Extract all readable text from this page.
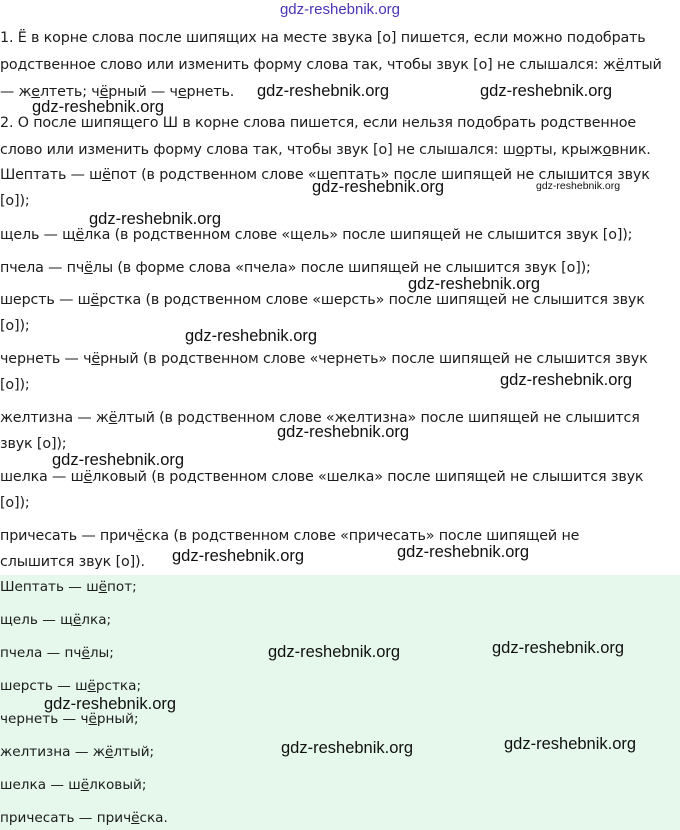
gdz-reshebnik.org
1. Ё в корне слова после шипящих на месте звука [о] пишется, если можно подобрать
родственное слово или изменить форму слова так, чтобы звук [о] не слышался: жёлтый
— желтеть; чёрный — чернеть.
2. О после шипящего Ш в корне слова пишется, если нельзя подобрать родственное
слово или изменить форму слова так, чтобы звук [о] не слышался: шорты, крыжовник.
Шептать — шёпот (в родственном слове «шептать» после шипящей не слышится звук
[о]);
щель — щёлка (в родственном слове «щель» после шипящей не слышится звук [о]);
пчела — пчёлы (в форме слова «пчела» после шипящей не слышится звук [о]);
шерсть — шёрстка (в родственном слове «шерсть» после шипящей не слышится звук
[о]);
чернеть — чёрный (в родственном слове «чернеть» после шипящей не слышится звук
[о]);
желтизна — жёлтый (в родственном слове «желтизна» после шипящей не слышится
звук [о]);
шелка — шёлковый (в родственном слове «шелка» после шипящей не слышится звук
[о]);
причесать — причёска (в родственном слове «причесать» после шипящей не
слышится звук [о]).
Шептать — шёпот;
щель — щёлка;
пчела — пчёлы;
шерсть — шёрстка;
чернеть — чёрный;
желтизна — жёлтый;
шелка — шёлковый;
причесать — причёска.
gdz-reshebnik.org	gdz-reshebnik.org
gdz-reshebnik.org
gdz-reshebnik.org	gdz-reshebnik.org
gdz-reshebnik.org
gdz-reshebnik.org
gdz-reshebnik.org
gdz-reshebnik.org
gdz-reshebnik.org
gdz-reshebnik.org
gdz-reshebnik.org	gdz-reshebnik.org
gdz-reshebnik.org	gdz-reshebnik.org
gdz-reshebnik.org
gdz-reshebnik.org	gdz-reshebnik.org
